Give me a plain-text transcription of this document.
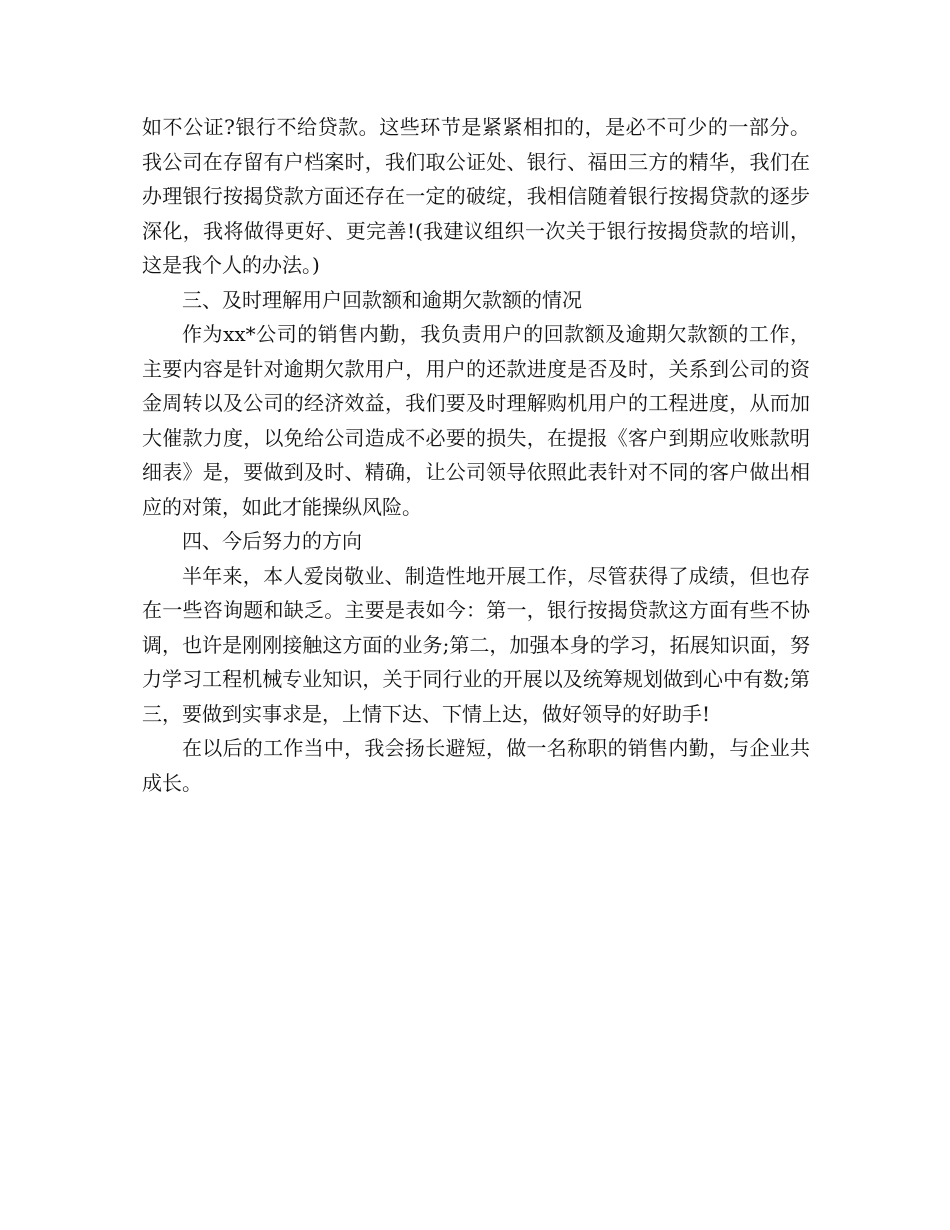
如不公证?银行不给贷款。这些环节是紧紧相扣的，是必不可少的一部分。我公司在存留有户档案时，我们取公证处、银行、福田三方的精华，我们在办理银行按揭贷款方面还存在一定的破绽，我相信随着银行按揭贷款的逐步深化，我将做得更好、更完善!(我建议组织一次关于银行按揭贷款的培训，这是我个人的办法。)

三、及时理解用户回款额和逾期欠款额的情况

作为xx*公司的销售内勤，我负责用户的回款额及逾期欠款额的工作，主要内容是针对逾期欠款用户，用户的还款进度是否及时，关系到公司的资金周转以及公司的经济效益，我们要及时理解购机用户的工程进度，从而加大催款力度，以免给公司造成不必要的损失，在提报《客户到期应收账款明细表》是，要做到及时、精确，让公司领导依照此表针对不同的客户做出相应的对策，如此才能操纵风险。

四、今后努力的方向

半年来，本人爱岗敬业、制造性地开展工作，尽管获得了成绩，但也存在一些咨询题和缺乏。主要是表如今：第一，银行按揭贷款这方面有些不协调，也许是刚刚接触这方面的业务;第二，加强本身的学习，拓展知识面，努力学习工程机械专业知识，关于同行业的开展以及统筹规划做到心中有数;第三，要做到实事求是，上情下达、下情上达，做好领导的好助手!

在以后的工作当中，我会扬长避短，做一名称职的销售内勤，与企业共成长。
